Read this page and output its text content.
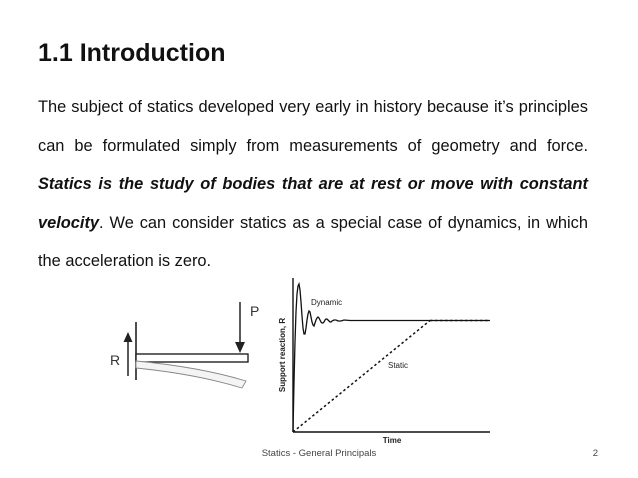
1.1 Introduction

The subject of statics developed very early in history because it’s principles can be formulated simply from measurements of geometry and force. Statics is the study of bodies that are at rest or move with constant velocity. We can consider statics as a special case of dynamics, in which the acceleration is zero.

P
R
Dynamic
Static
Time
Support reaction, R

Statics - General Principals	2
